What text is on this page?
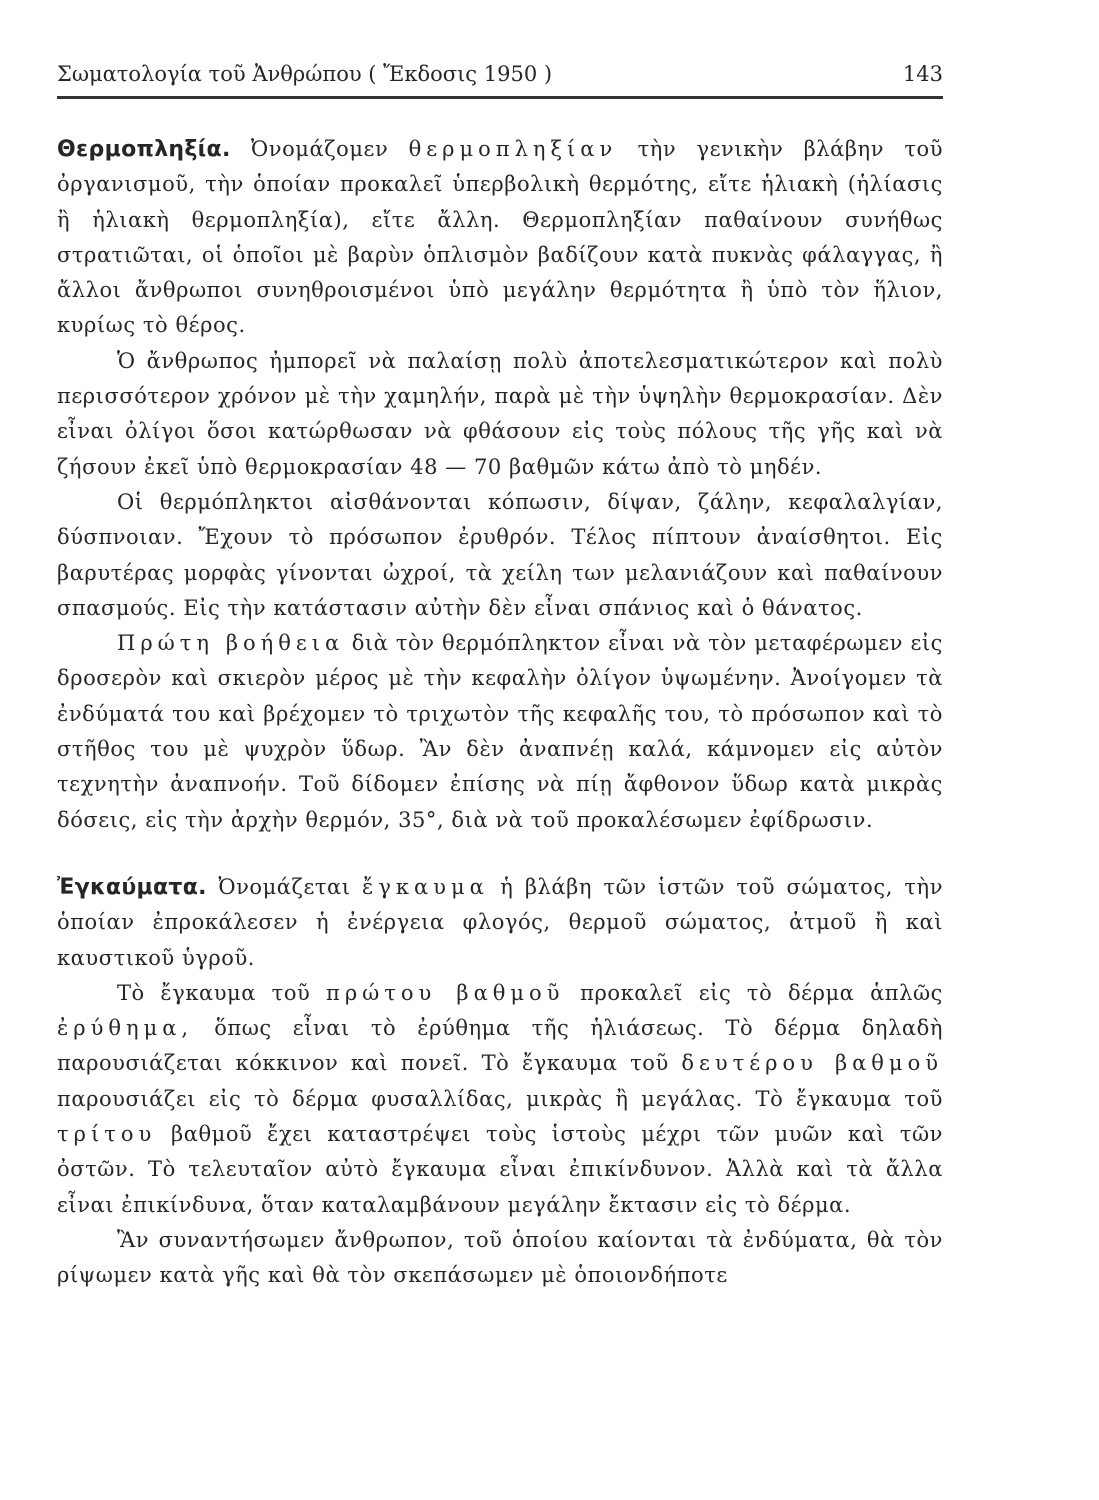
Σωματολογία τοῦ Ἀνθρώπου ( Ἔκδοσις 1950 )	143

Θερμοπληξία. Ὀνομάζομεν θερμοπληξίαν τὴν γενικὴν βλάβην τοῦ ὀργανισμοῦ, τὴν ὁποίαν προκαλεῖ ὑπερβολικὴ θερμότης, εἴτε ἡλιακὴ (ἡλίασις ἢ ἡλιακὴ θερμοπληξία), εἴτε ἄλλη. Θερμοπληξίαν παθαίνουν συνήθως στρατιῶται, οἱ ὁποῖοι μὲ βαρὺν ὁπλισμὸν βαδίζουν κατὰ πυκνὰς φάλαγγας, ἢ ἄλλοι ἄνθρωποι συνηθροισμένοι ὑπὸ μεγάλην θερμότητα ἢ ὑπὸ τὸν ἥλιον, κυρίως τὸ θέρος.

Ὁ ἄνθρωπος ἠμπορεῖ νὰ παλαίσῃ πολὺ ἀποτελεσματικώτερον καὶ πολὺ περισσότερον χρόνον μὲ τὴν χαμηλήν, παρὰ μὲ τὴν ὑψηλὴν θερμοκρασίαν. Δὲν εἶναι ὀλίγοι ὅσοι κατώρθωσαν νὰ φθάσουν εἰς τοὺς πόλους τῆς γῆς καὶ νὰ ζήσουν ἐκεῖ ὑπὸ θερμοκρασίαν 48 — 70 βαθμῶν κάτω ἀπὸ τὸ μηδέν.

Οἱ θερμόπληκτοι αἰσθάνονται κόπωσιν, δίψαν, ζάλην, κεφαλαλγίαν, δύσπνοιαν. Ἔχουν τὸ πρόσωπον ἐρυθρόν. Τέλος πίπτουν ἀναίσθητοι. Εἰς βαρυτέρας μορφὰς γίνονται ὠχροί, τὰ χείλη των μελανιάζουν καὶ παθαίνουν σπασμούς. Εἰς τὴν κατάστασιν αὐτὴν δὲν εἶναι σπάνιος καὶ ὁ θάνατος.

Πρώτη βοήθεια διὰ τὸν θερμόπληκτον εἶναι νὰ τὸν μεταφέρωμεν εἰς δροσερὸν καὶ σκιερὸν μέρος μὲ τὴν κεφαλὴν ὀλίγον ὑψωμένην. Ἀνοίγομεν τὰ ἐνδύματά του καὶ βρέχομεν τὸ τριχωτὸν τῆς κεφαλῆς του, τὸ πρόσωπον καὶ τὸ στῆθος του μὲ ψυχρὸν ὕδωρ. Ἂν δὲν ἀναπνέῃ καλά, κάμνομεν εἰς αὐτὸν τεχνητὴν ἀναπνοήν. Τοῦ δίδομεν ἐπίσης νὰ πίῃ ἄφθονον ὕδωρ κατὰ μικρὰς δόσεις, εἰς τὴν ἀρχὴν θερμόν, 35°, διὰ νὰ τοῦ προκαλέσωμεν ἐφίδρωσιν.

Ἐγκαύματα. Ὀνομάζεται ἔγκαυμα ἡ βλάβη τῶν ἱστῶν τοῦ σώματος, τὴν ὁποίαν ἐπροκάλεσεν ἡ ἐνέργεια φλογός, θερμοῦ σώματος, ἀτμοῦ ἢ καὶ καυστικοῦ ὑγροῦ.

Τὸ ἔγκαυμα τοῦ πρώτου βαθμοῦ προκαλεῖ εἰς τὸ δέρμα ἁπλῶς ἐρύθημα, ὅπως εἶναι τὸ ἐρύθημα τῆς ἡλιάσεως. Τὸ δέρμα δηλαδὴ παρουσιάζεται κόκκινον καὶ πονεῖ. Τὸ ἔγκαυμα τοῦ δευτέρου βαθμοῦ παρουσιάζει εἰς τὸ δέρμα φυσαλλίδας, μικρὰς ἢ μεγάλας. Τὸ ἔγκαυμα τοῦ τρίτου βαθμοῦ ἔχει καταστρέψει τοὺς ἱστοὺς μέχρι τῶν μυῶν καὶ τῶν ὀστῶν. Τὸ τελευταῖον αὐτὸ ἔγκαυμα εἶναι ἐπικίνδυνον. Ἀλλὰ καὶ τὰ ἄλλα εἶναι ἐπικίνδυνα, ὅταν καταλαμβάνουν μεγάλην ἔκτασιν εἰς τὸ δέρμα.

Ἂν συναντήσωμεν ἄνθρωπον, τοῦ ὁποίου καίονται τὰ ἐνδύματα, θὰ τὸν ρίψωμεν κατὰ γῆς καὶ θὰ τὸν σκεπάσωμεν μὲ ὁποιονδήποτε
